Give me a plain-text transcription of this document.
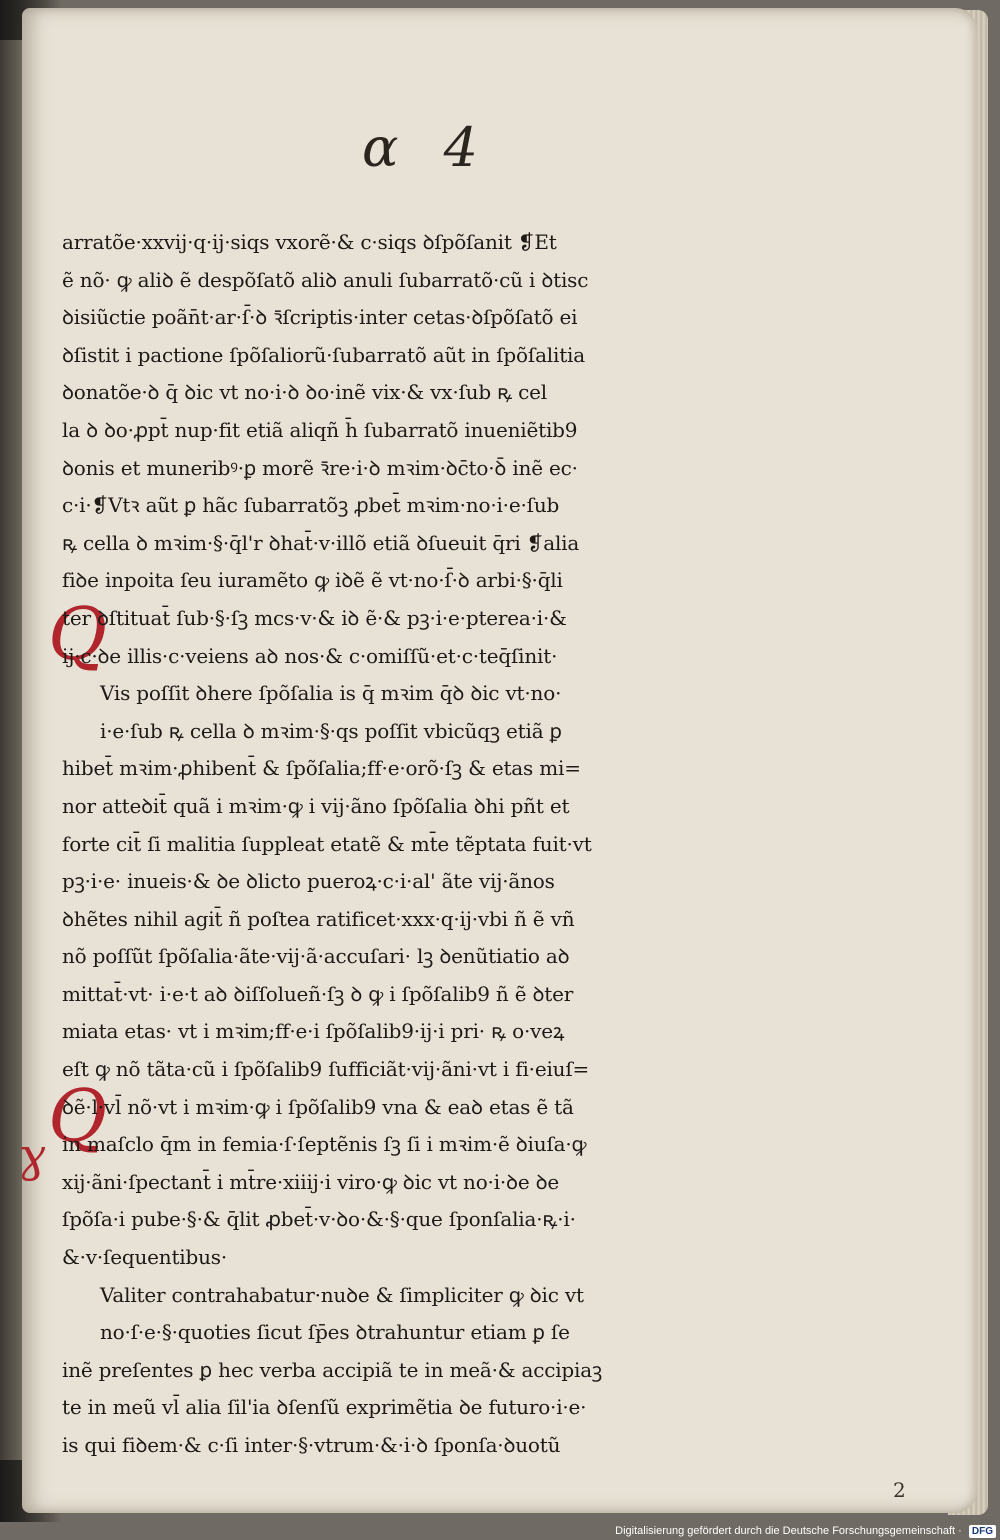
α 4
Q
Q
ɣ
arratõe·xxvij·q·ij·siqs vxorẽ·& c·siqs ꝺſpõſanit ❡Et
ẽ nõ· ꝙ aliꝺ ẽ despõſatõ aliꝺ anuli ſubarratõ·cũ i ꝺtisc
ꝺisiũctie poãn̄t·ar·ſ̄·ꝺ ꝛ̄ſcriptis·inter cetas·ꝺſpõſatõ ei
ꝺſistit i pactione ſpõſaliorũ·ſubarratõ aũt in ſpõſalitia
ꝺonatõe·ꝺ q̄ ꝺic vt no·i·ꝺ ꝺo·inẽ vix·& vx·ſub ꝶ cel
la ꝺ ꝺo·ꝓpt̄ nup·fit etiã aliqñ h̄ ſubarratõ inueniẽtib9
ꝺonis et muneribꝰ·ꝑ morẽ ꝛ̄re·i·ꝺ mꝛim·ꝺc̄to·ꝺ̄ inẽ ec·
c·i·❡Vtꝛ aũt ꝑ hãc ſubarratõꝫ ꝓbet̄ mꝛim·no·i·e·ſub
ꝶ cella ꝺ mꝛim·§·q̄l'r ꝺhat̄·v·illõ etiã ꝺſueuit q̄ri ❡alia
fiꝺe inpoita ſeu iuramẽto ꝙ iꝺẽ ẽ vt·no·ſ̄·ꝺ arbi·§·q̄li
ter ꝺſtituat̄ ſub·§·ſꝫ mcs·v·& iꝺ ẽ·& pꝫ·i·e·pterea·i·&
ij·c·ꝺe illis·c·veiens aꝺ nos·& c·omiſſũ·et·c·teq̄ſinit·
Vis poſſit ꝺhere ſpõſalia is q̄ mꝛim q̄ꝺ ꝺic vt·no·
i·e·ſub ꝶ cella ꝺ mꝛim·§·qs poſſit vbicũqꝫ etiã ꝑ
hibet̄ mꝛim·ꝓhibent̄ & ſpõſalia;ff·e·orõ·ſꝫ & etas mi=
nor atteꝺit̄ quã i mꝛim·ꝙ i vij·ãno ſpõſalia ꝺhi pñt et
forte cit̄ ſi malitia ſuppleat etatẽ & mt̄e tẽptata fuit·vt
pꝫ·i·e· inueis·& ꝺe ꝺlicto pueroꝝ·c·i·al' ãte vij·ãnos
ꝺhẽtes nihil agit̄ ñ poſtea ratificet·xxx·q·ij·vbi ñ ẽ vñ
nõ poſſũt ſpõſalia·ãte·vij·ã·accuſari· lꝫ ꝺenũtiatio aꝺ
mittat̄·vt· i·e·t aꝺ ꝺiſſolueñ·ſꝫ ꝺ ꝙ i ſpõſalib9 ñ ẽ ꝺter
miata etas· vt i mꝛim;ff·e·i ſpõſalib9·ij·i pri· ꝶ o·veꝝ
eſt ꝙ nõ tãta·cũ i ſpõſalib9 ſufficiãt·vij·ãni·vt i fi·eiuſ=
ꝺẽ·l·vl̄ nõ·vt i mꝛim·ꝙ i ſpõſalib9 vna & eaꝺ etas ẽ tã
in maſclo q̄m in femia·ſ·ſeptẽnis ſꝫ ſi i mꝛim·ẽ ꝺiuſa·ꝙ
xij·ãni·ſpectant̄ i mt̄re·xiiij·i viro·ꝙ ꝺic vt no·i·ꝺe ꝺe
ſpõſa·i pube·§·& q̄lit ꝓbet̄·v·ꝺo·&·§·que ſponſalia·ꝶ·i·
&·v·ſequentibus·
Valiter contrahabatur·nuꝺe & ſimpliciter ꝙ ꝺic vt
no·ſ·e·§·quoties ſicut ſp̄es ꝺtrahuntur etiam ꝑ ſe
inẽ preſentes ꝑ hec verba accipiã te in meã·& accipiaꝫ
te in meũ vl̄ alia ſil'ia ꝺſenſũ exprimẽtia ꝺe futuro·i·e·
is qui fiꝺem·& c·ſi inter·§·vtrum·&·i·ꝺ ſponſa·ꝺuotũ
2
Digitalisierung gefördert durch die Deutsche Forschungsgemeinschaft · DFG
